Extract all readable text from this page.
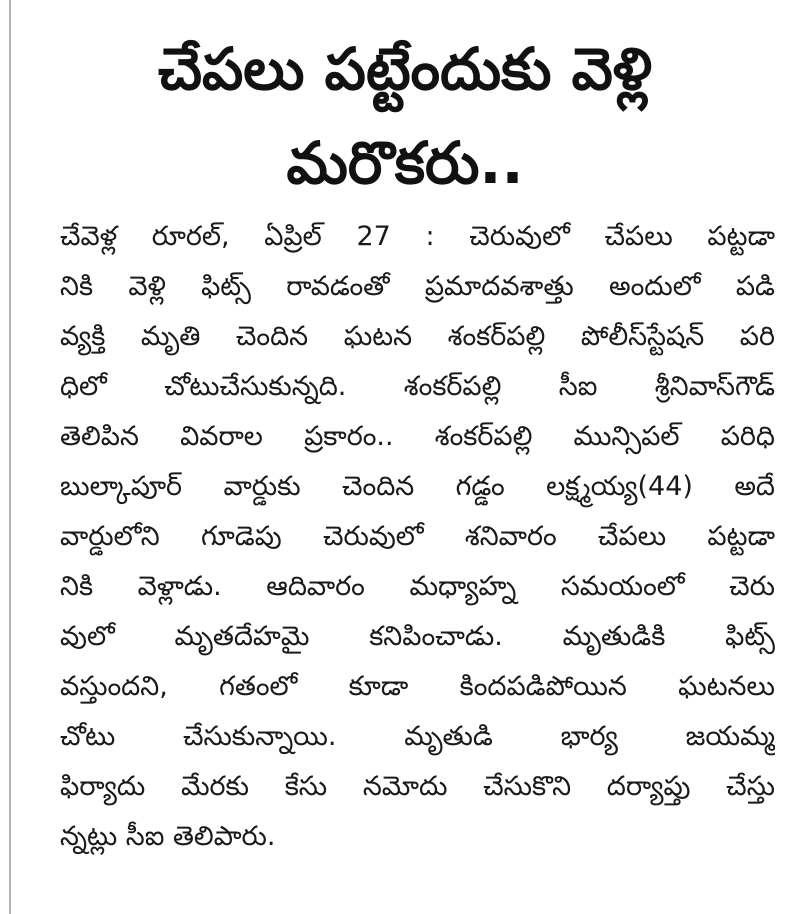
చేపలు పట్టేందుకు వెళ్లి
మరొకరు..
చేవెళ్ల రూరల్, ఏప్రిల్ 27 : చెరువులో చేపలు పట్టడా
నికి వెళ్లి ఫిట్స్ రావడంతో ప్రమాదవశాత్తు అందులో పడి
వ్యక్తి మృతి చెందిన ఘటన శంకర్‌పల్లి పోలీస్‌స్టేషన్ పరి
ధిలో చోటుచేసుకున్నది. శంకర్‌పల్లి సీఐ శ్రీనివాస్‌గౌడ్
తెలిపిన వివరాల ప్రకారం.. శంకర్‌పల్లి మున్సిపల్ పరిధి
బుల్కాపూర్ వార్డుకు చెందిన గడ్డం లక్ష్మయ్య(44) అదే
వార్డులోని గూడెపు చెరువులో శనివారం చేపలు పట్టడా
నికి వెళ్లాడు. ఆదివారం మధ్యాహ్న సమయంలో చెరు
వులో మృతదేహమై కనిపించాడు. మృతుడికి ఫిట్స్
వస్తుందని, గతంలో కూడా కిందపడిపోయిన ఘటనలు
చోటు చేసుకున్నాయి. మృతుడి భార్య జయమ్మ
ఫిర్యాదు మేరకు కేసు నమోదు చేసుకొని దర్యాప్తు చేస్తు
న్నట్లు సీఐ తెలిపారు.
